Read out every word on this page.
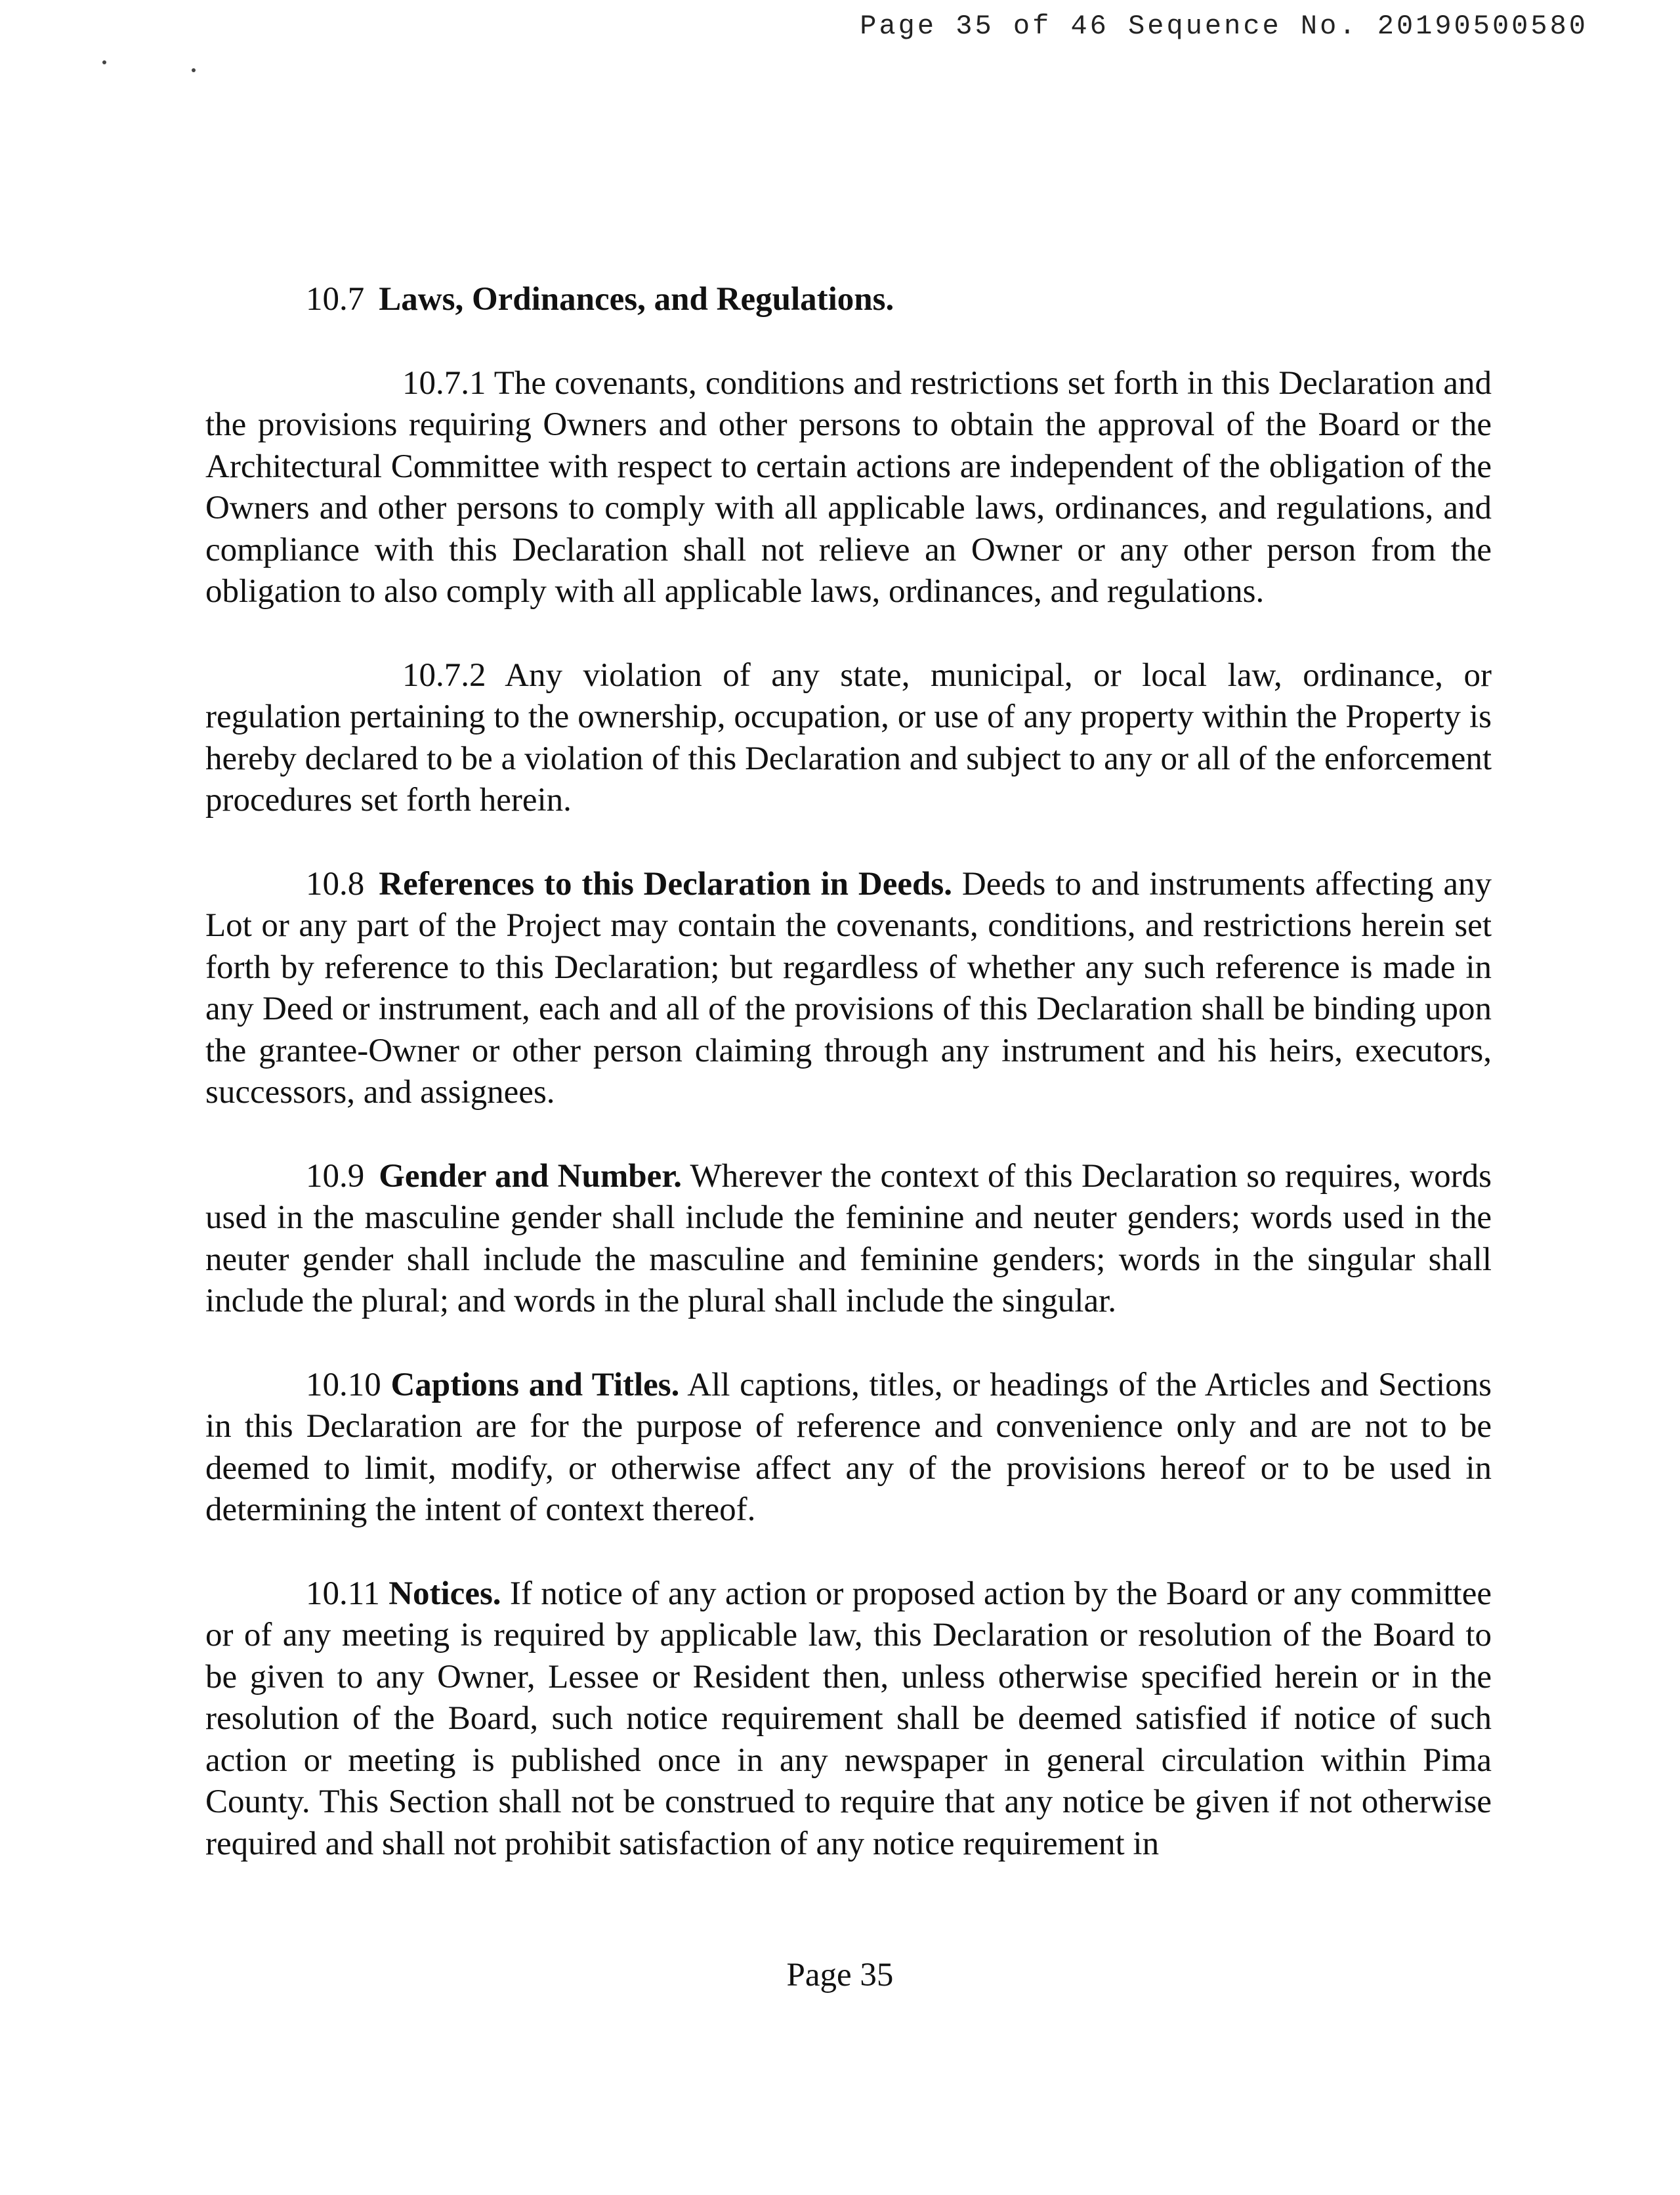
Page 35 of 46 Sequence No. 20190500580

10.7 Laws, Ordinances, and Regulations.

10.7.1 The covenants, conditions and restrictions set forth in this Declaration and the provisions requiring Owners and other persons to obtain the approval of the Board or the Architectural Committee with respect to certain actions are independent of the obligation of the Owners and other persons to comply with all applicable laws, ordinances, and regulations, and compliance with this Declaration shall not relieve an Owner or any other person from the obligation to also comply with all applicable laws, ordinances, and regulations.

10.7.2 Any violation of any state, municipal, or local law, ordinance, or regulation pertaining to the ownership, occupation, or use of any property within the Property is hereby declared to be a violation of this Declaration and subject to any or all of the enforcement procedures set forth herein.

10.8 References to this Declaration in Deeds. Deeds to and instruments affecting any Lot or any part of the Project may contain the covenants, conditions, and restrictions herein set forth by reference to this Declaration; but regardless of whether any such reference is made in any Deed or instrument, each and all of the provisions of this Declaration shall be binding upon the grantee-Owner or other person claiming through any instrument and his heirs, executors, successors, and assignees.

10.9 Gender and Number. Wherever the context of this Declaration so requires, words used in the masculine gender shall include the feminine and neuter genders; words used in the neuter gender shall include the masculine and feminine genders; words in the singular shall include the plural; and words in the plural shall include the singular.

10.10 Captions and Titles. All captions, titles, or headings of the Articles and Sections in this Declaration are for the purpose of reference and convenience only and are not to be deemed to limit, modify, or otherwise affect any of the provisions hereof or to be used in determining the intent of context thereof.

10.11 Notices. If notice of any action or proposed action by the Board or any committee or of any meeting is required by applicable law, this Declaration or resolution of the Board to be given to any Owner, Lessee or Resident then, unless otherwise specified herein or in the resolution of the Board, such notice requirement shall be deemed satisfied if notice of such action or meeting is published once in any newspaper in general circulation within Pima County. This Section shall not be construed to require that any notice be given if not otherwise required and shall not prohibit satisfaction of any notice requirement in

Page 35
